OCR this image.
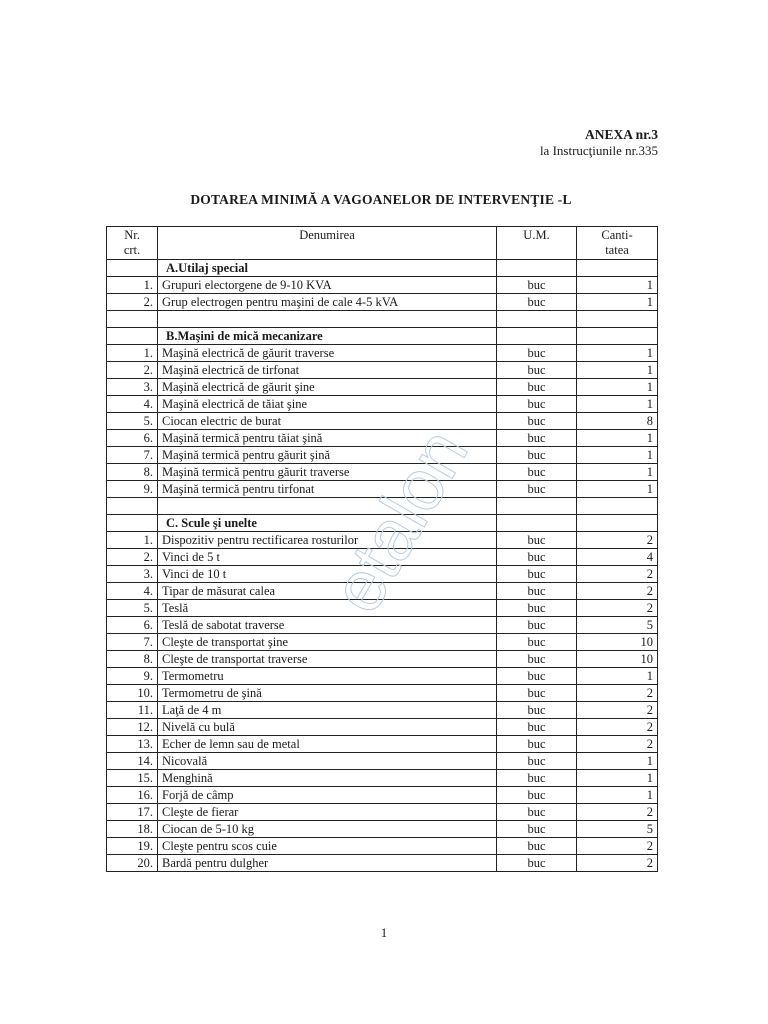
ANEXA nr.3
la Instrucţiunile nr.335
DOTAREA MINIMĂ A VAGOANELOR DE INTERVENŢIE -L
Nr.
crt.	Denumirea	U.M.	Canti-
tatea
	A.Utilaj special		
1.	Grupuri electorgene de 9-10 KVA	buc	1
2.	Grup electrogen pentru maşini de cale 4-5 kVA	buc	1

	B.Maşini de mică mecanizare		
1.	Maşină electrică de găurit traverse	buc	1
2.	Maşină electrică de tirfonat	buc	1
3.	Maşină electrică de găurit şine	buc	1
4.	Maşină electrică de tăiat şine	buc	1
5.	Ciocan electric de burat	buc	8
6.	Maşină termică pentru tăiat şină	buc	1
7.	Maşină termică pentru găurit şină	buc	1
8.	Maşină termică pentru găurit traverse	buc	1
9.	Maşină termică pentru tirfonat	buc	1

	C. Scule şi unelte		
1.	Dispozitiv pentru rectificarea rosturilor	buc	2
2.	Vinci de 5 t	buc	4
3.	Vinci de 10 t	buc	2
4.	Tipar de măsurat calea	buc	2
5.	Teslă	buc	2
6.	Teslă de sabotat traverse	buc	5
7.	Cleşte de transportat şine	buc	10
8.	Cleşte de transportat traverse	buc	10
9.	Termometru	buc	1
10.	Termometru de şină	buc	2
11.	Laţă de 4 m	buc	2
12.	Nivelă cu bulă	buc	2
13.	Echer de lemn sau de metal	buc	2
14.	Nicovală	buc	1
15.	Menghină	buc	1
16.	Forjă de câmp	buc	1
17.	Cleşte de fierar	buc	2
18.	Ciocan de 5-10 kg	buc	5
19.	Cleşte pentru scos cuie	buc	2
20.	Bardă pentru dulgher	buc	2
etalon
1
